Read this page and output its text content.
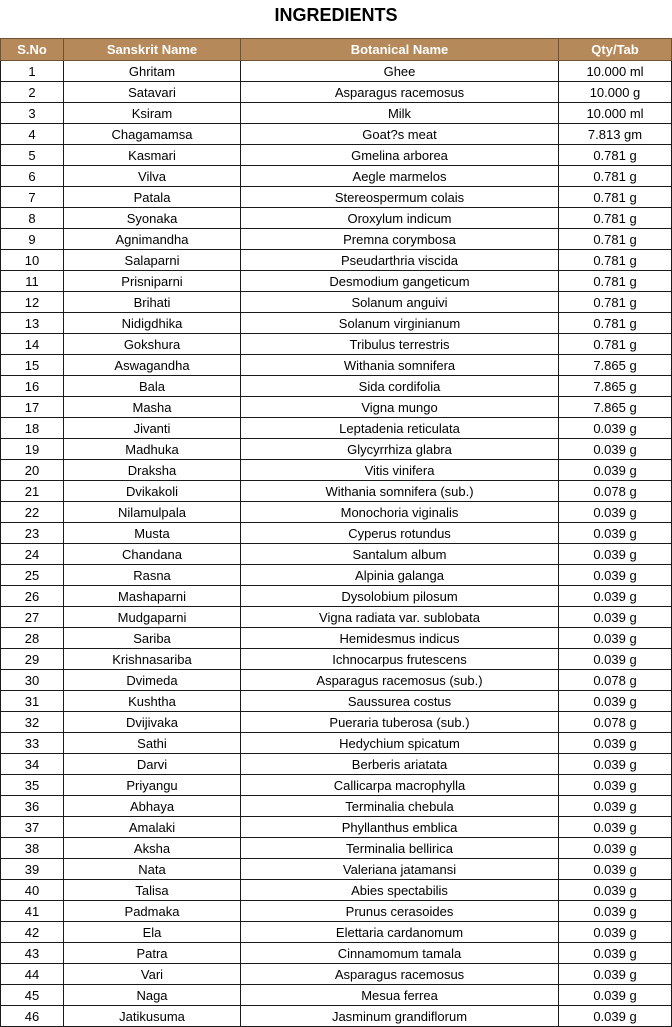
INGREDIENTS
S.No	Sanskrit Name	Botanical Name	Qty/Tab
1	Ghritam	Ghee	10.000 ml
2	Satavari	Asparagus racemosus	10.000 g
3	Ksiram	Milk	10.000 ml
4	Chagamamsa	Goat?s meat	7.813 gm
5	Kasmari	Gmelina arborea	0.781 g
6	Vilva	Aegle marmelos	0.781 g
7	Patala	Stereospermum colais	0.781 g
8	Syonaka	Oroxylum indicum	0.781 g
9	Agnimandha	Premna corymbosa	0.781 g
10	Salaparni	Pseudarthria viscida	0.781 g
11	Prisniparni	Desmodium gangeticum	0.781 g
12	Brihati	Solanum anguivi	0.781 g
13	Nidigdhika	Solanum virginianum	0.781 g
14	Gokshura	Tribulus terrestris	0.781 g
15	Aswagandha	Withania somnifera	7.865 g
16	Bala	Sida cordifolia	7.865 g
17	Masha	Vigna mungo	7.865 g
18	Jivanti	Leptadenia reticulata	0.039 g
19	Madhuka	Glycyrrhiza glabra	0.039 g
20	Draksha	Vitis vinifera	0.039 g
21	Dvikakoli	Withania somnifera (sub.)	0.078 g
22	Nilamulpala	Monochoria viginalis	0.039 g
23	Musta	Cyperus rotundus	0.039 g
24	Chandana	Santalum album	0.039 g
25	Rasna	Alpinia galanga	0.039 g
26	Mashaparni	Dysolobium pilosum	0.039 g
27	Mudgaparni	Vigna radiata var. sublobata	0.039 g
28	Sariba	Hemidesmus indicus	0.039 g
29	Krishnasariba	Ichnocarpus frutescens	0.039 g
30	Dvimeda	Asparagus racemosus (sub.)	0.078 g
31	Kushtha	Saussurea costus	0.039 g
32	Dvijivaka	Pueraria tuberosa (sub.)	0.078 g
33	Sathi	Hedychium spicatum	0.039 g
34	Darvi	Berberis ariatata	0.039 g
35	Priyangu	Callicarpa macrophylla	0.039 g
36	Abhaya	Terminalia chebula	0.039 g
37	Amalaki	Phyllanthus emblica	0.039 g
38	Aksha	Terminalia bellirica	0.039 g
39	Nata	Valeriana jatamansi	0.039 g
40	Talisa	Abies spectabilis	0.039 g
41	Padmaka	Prunus cerasoides	0.039 g
42	Ela	Elettaria cardanomum	0.039 g
43	Patra	Cinnamomum tamala	0.039 g
44	Vari	Asparagus racemosus	0.039 g
45	Naga	Mesua ferrea	0.039 g
46	Jatikusuma	Jasminum grandiflorum	0.039 g
